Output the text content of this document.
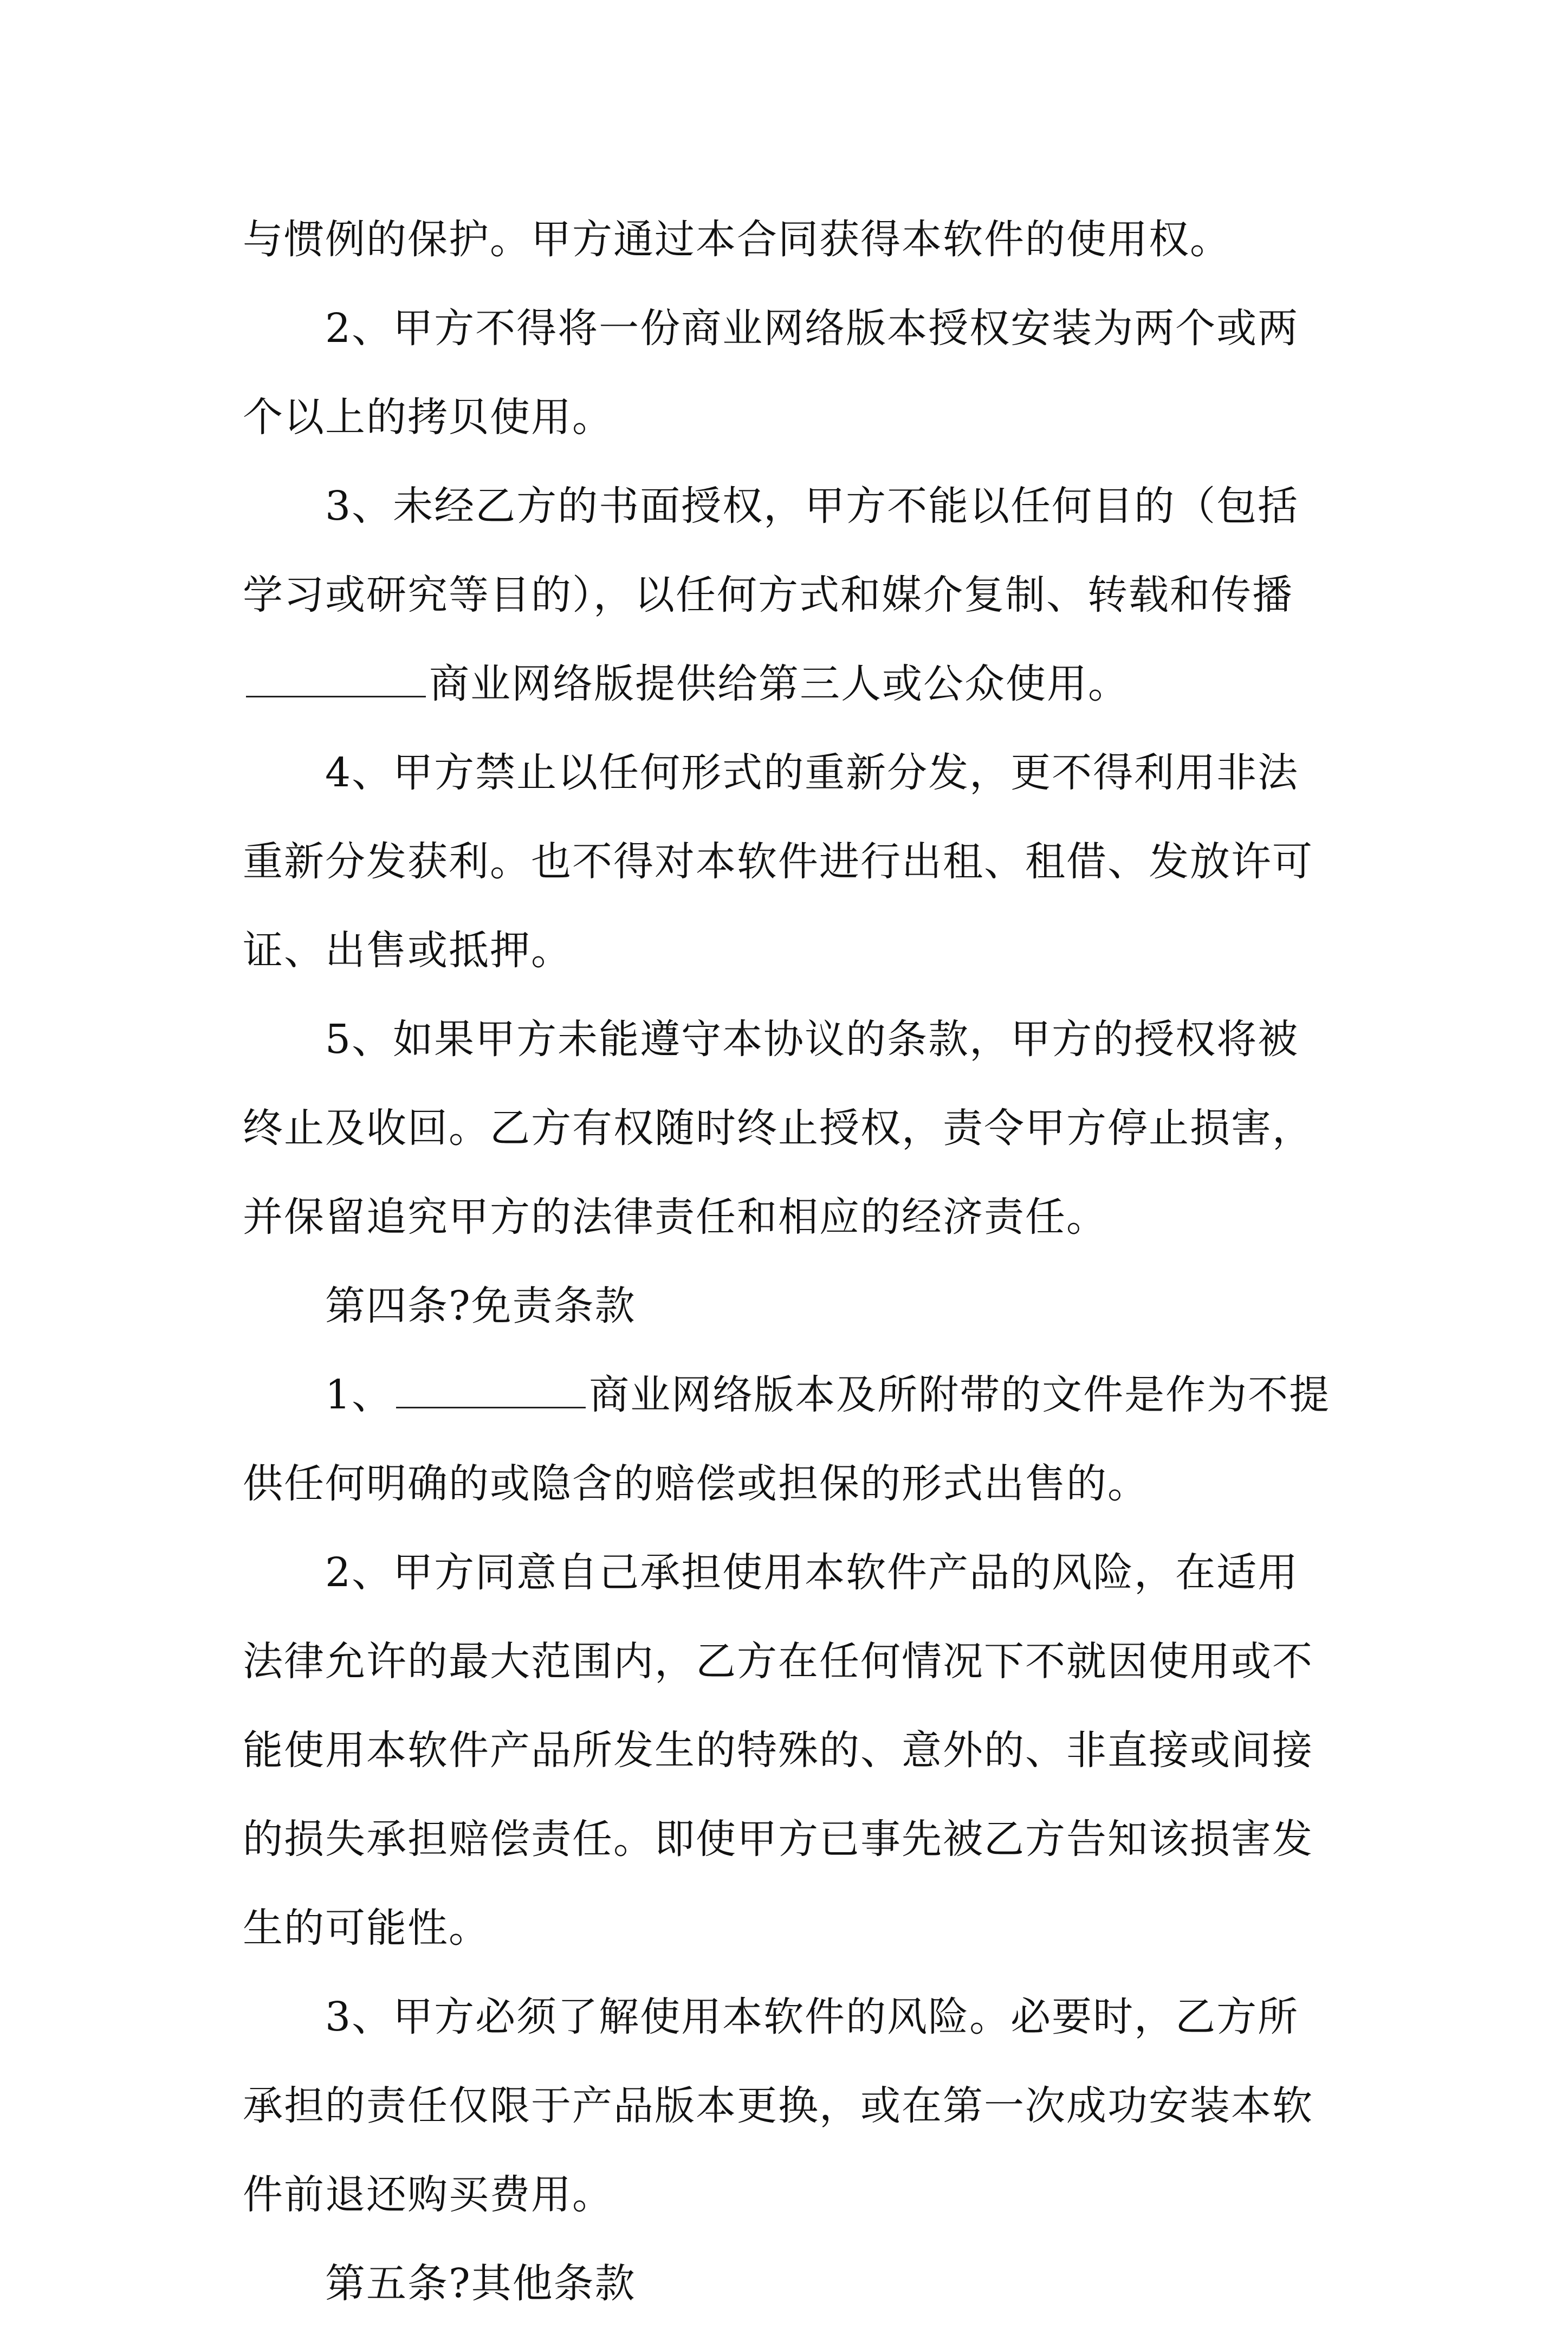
与惯例的保护。甲方通过本合同获得本软件的使用权。
2、甲方不得将一份商业网络版本授权安装为两个或两
个以上的拷贝使用。
3、未经乙方的书面授权，甲方不能以任何目的（包括
学习或研究等目的），以任何方式和媒介复制、转载和传播
商业网络版提供给第三人或公众使用。
4、甲方禁止以任何形式的重新分发，更不得利用非法
重新分发获利。也不得对本软件进行出租、租借、发放许可
证、出售或抵押。
5、如果甲方未能遵守本协议的条款，甲方的授权将被
终止及收回。乙方有权随时终止授权，责令甲方停止损害，
并保留追究甲方的法律责任和相应的经济责任。
第四条?免责条款
1、	商业网络版本及所附带的文件是作为不提
供任何明确的或隐含的赔偿或担保的形式出售的。
2、甲方同意自己承担使用本软件产品的风险，在适用
法律允许的最大范围内，乙方在任何情况下不就因使用或不
能使用本软件产品所发生的特殊的、意外的、非直接或间接
的损失承担赔偿责任。即使甲方已事先被乙方告知该损害发
生的可能性。
3、甲方必须了解使用本软件的风险。必要时，乙方所
承担的责任仅限于产品版本更换，或在第一次成功安装本软
件前退还购买费用。
第五条?其他条款
